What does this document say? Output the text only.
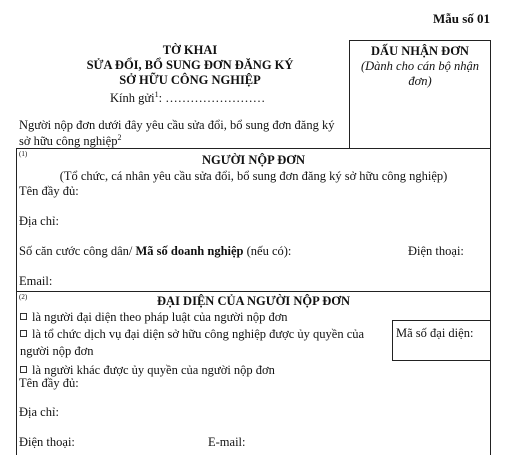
Mẫu số 01
TỜ KHAI
SỬA ĐỔI, BỔ SUNG ĐƠN ĐĂNG KÝ
SỞ HỮU CÔNG NGHIỆP
Kính gửi$^1$: ……………………
Người nộp đơn dưới đây yêu cầu sửa đổi, bổ sung đơn đăng ký
sở hữu công nghiệp$^2$
DẤU NHẬN ĐƠN
(Dành cho cán bộ nhận
đơn)
(1)	NGƯỜI NỘP ĐƠN
(Tổ chức, cá nhân yêu cầu sửa đổi, bổ sung đơn đăng ký sở hữu công nghiệp)
Tên đầy đủ:
Địa chỉ:
Số căn cước công dân/ Mã số doanh nghiệp (nếu có):	Điện thoại:
Email:
(2)	ĐẠI DIỆN CỦA NGƯỜI NỘP ĐƠN
là người đại diện theo pháp luật của người nộp đơn
là tổ chức dịch vụ đại diện sở hữu công nghiệp được ủy quyền của
người nộp đơn
là người khác được ủy quyền của người nộp đơn
Mã số đại diện:
Tên đầy đủ:
Địa chỉ:
Điện thoại:	E-mail:
